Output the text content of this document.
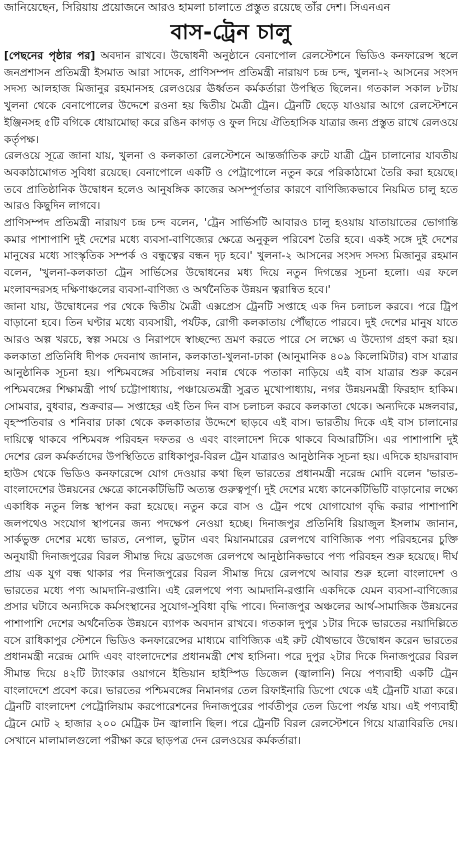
জানিয়েছেন, সিরিয়ায় প্রয়োজনে আরও হামলা চালাতে প্রস্তুত রয়েছে তাঁর দেশ। সিএনএন
বাস-ট্রেন চালু

[পেছনের পৃষ্ঠার পর] অবদান রাখবে। উদ্বোধনী অনুষ্ঠানে বেনাপোল রেলস্টেশনে ভিডিও কনফারেন্স স্থলে জনপ্রশাসন প্রতিমন্ত্রী ইসমাত আরা সাদেক, প্রাণিসম্পদ প্রতিমন্ত্রী নারায়ণ চন্দ্র চন্দ, খুলনা-২ আসনের সংসদ সদস্য আলহাজ মিজানুর রহমানসহ রেলওয়ের ঊর্ধ্বতন কর্মকর্তারা উপস্থিত ছিলেন। গতকাল সকাল ৮টায় খুলনা থেকে বেনাপোলের উদ্দেশে রওনা হয় দ্বিতীয় মৈত্রী ট্রেন। ট্রেনটি ছেড়ে যাওয়ার আগে রেলস্টেশনে ইঞ্জিনসহ ৫টি বগিকে ধোয়ামোছা করে রঙিন কাগড় ও ফুল দিয়ে ঐতিহাসিক যাত্রার জন্য প্রস্তুত রাখে রেলওয়ে কর্তৃপক্ষ।

রেলওয়ে সূত্রে জানা যায়, খুলনা ও কলকাতা রেলস্টেশনে আন্তর্জাতিক রুটে যাত্রী ট্রেন চালানোর যাবতীয় অবকাঠামোগত সুবিধা রয়েছে। বেনাপোলে একটি ও পেট্রাপোলে নতুন করে পরিকাঠামো তৈরি করা হয়েছে। তবে প্রাতিষ্ঠানিক উদ্বোধন হলেও আনুষঙ্গিক কাজের অসম্পূর্ণতার কারণে বাণিজ্যিকভাবে নিয়মিত চালু হতে আরও কিছুদিন লাগবে।

প্রাণিসম্পদ প্রতিমন্ত্রী নারায়ণ চন্দ্র চন্দ বলেন, 'ট্রেন সার্ভিসটি আবারও চালু হওয়ায় যাতায়াতের ভোগান্তি কমার পাশাপাশি দুই দেশের মধ্যে ব্যবসা-বাণিজ্যের ক্ষেত্রে অনুকূল পরিবেশ তৈরি হবে। একই সঙ্গে দুই দেশের মানুষের মধ্যে সাংস্কৃতিক সম্পর্ক ও বন্ধুত্বের বন্ধন দৃঢ় হবে।' খুলনা-২ আসনের সংসদ সদস্য মিজানুর রহমান বলেন, 'খুলনা-কলকাতা ট্রেন সার্ভিসের উদ্বোধনের মধ্য দিয়ে নতুন দিগন্তের সূচনা হলো। এর ফলে মংলাবন্দরসহ দক্ষিণাঞ্চলের ব্যবসা-বাণিজ্য ও অর্থনৈতিক উন্নয়ন ত্বরান্বিত হবে।'

জানা যায়, উদ্বোধনের পর থেকে দ্বিতীয় মৈত্রী এক্সপ্রেস ট্রেনটি সপ্তাহে এক দিন চলাচল করবে। পরে ট্রিপ বাড়ানো হবে। তিন ঘণ্টার মধ্যে ব্যবসায়ী, পর্যটক, রোগী কলকাতায় পৌঁছাতে পারবে। দুই দেশের মানুষ যাতে আরও অল্প খরচে, স্বল্প সময়ে ও নিরাপদে স্বাচ্ছন্দ্যে ভ্রমণ করতে পারে সে লক্ষ্যে এ উদ্যোগ গ্রহণ করা হয়। কলকাতা প্রতিনিধি দীপক দেবনাথ জানান, কলকাতা-খুলনা-ঢাকা (আনুমানিক ৪০৯ কিলোমিটার) বাস যাত্রার আনুষ্ঠানিক সূচনা হয়। পশ্চিমবঙ্গের সচিবালয় নবান্ন থেকে পতাকা নাড়িয়ে এই বাস যাত্রার শুরু করেন পশ্চিমবঙ্গের শিক্ষামন্ত্রী পার্থ চট্টোপাধ্যায়, পঞ্চায়েতমন্ত্রী সুব্রত মুখোপাধ্যায়, নগর উন্নয়নমন্ত্রী ফিরহাদ হাকিম। সোমবার, বুধবার, শুক্রবার— সপ্তাহের এই তিন দিন বাস চলাচল করবে কলকাতা থেকে। অন্যদিকে মঙ্গলবার, বৃহস্পতিবার ও শনিবার ঢাকা থেকে কলকাতার উদ্দেশে ছাড়বে এই বাস। ভারতীয় দিকে এই বাস চালানোর দায়িত্বে থাকবে পশ্চিমবঙ্গ পরিবহন দফতর ও এবং বাংলাদেশ দিকে থাকবে বিআরটিসি। এর পাশাপাশি দুই দেশের রেল কর্মকর্তাদের উপস্থিতিতে রাধিকাপুর-বিরল ট্রেন যাত্রারও আনুষ্ঠানিক সূচনা হয়। এদিকে হায়দরাবাদ হাউস থেকে ভিডিও কনফারেন্সে যোগ দেওয়ার কথা ছিল ভারতের প্রধানমন্ত্রী নরেন্দ্র মোদি বলেন 'ভারত-বাংলাদেশের উন্নয়নের ক্ষেত্রে কানেকটিভিটি অত্যন্ত গুরুত্বপূর্ণ। দুই দেশের মধ্যে কানেকটিভিটি বাড়ানোর লক্ষ্যে একাধিক নতুন লিঙ্ক স্থাপন করা হয়েছে। নতুন করে বাস ও ট্রেন পথে যোগাযোগ বৃদ্ধি করার পাশাপাশি জলপথেও সংযোগ স্থাপনের জন্য পদক্ষেপ নেওয়া হচ্ছে। দিনাজপুর প্রতিনিধি রিয়াজুল ইসলাম জানান, সার্কভুক্ত দেশের মধ্যে ভারত, নেপাল, ভুটান এবং মিয়ানমারের রেলপথে বাণিজ্যিক পণ্য পরিবহনের চুক্তি অনুযায়ী দিনাজপুরের বিরল সীমান্ত দিয়ে ব্রডগেজ রেলপথে আনুষ্ঠানিকভাবে পণ্য পরিবহন শুরু হয়েছে। দীর্ঘ প্রায় এক যুগ বন্ধ থাকার পর দিনাজপুরের বিরল সীমান্ত দিয়ে রেলপথে আবার শুরু হলো বাংলাদেশ ও ভারতের মধ্যে পণ্য আমদানি-রপ্তানি। এই রেলপথে পণ্য আমদানি-রপ্তানি একদিকে যেমন ব্যবসা-বাণিজ্যের প্রসার ঘটাবে অন্যদিকে কর্মসংস্থানের সুযোগ-সুবিধা বৃদ্ধি পাবে। দিনাজপুর অঞ্চলের আর্থ-সামাজিক উন্নয়নের পাশাপাশি দেশের অর্থনৈতিক উন্নয়নে ব্যাপক অবদান রাখবে। গতকাল দুপুর ১টার দিকে ভারতের নয়াদিল্লিতে বসে রাধিকাপুর স্টেশনে ভিডিও কনফারেন্সের মাধ্যমে বাণিজ্যিক এই রুট যৌথভাবে উদ্বোধন করেন ভারতের প্রধানমন্ত্রী নরেন্দ্র মোদি এবং বাংলাদেশের প্রধানমন্ত্রী শেখ হাসিনা। পরে দুপুর ২টার দিকে দিনাজপুরের বিরল সীমান্ত দিয়ে ৪২টি ট্যাংকার ওয়াগনে ইন্ডিয়ান হাইস্পিড ডিজেল (জ্বালানি) নিয়ে পণ্যবাহী একটি ট্রেন বাংলাদেশে প্রবেশ করে। ভারতের পশ্চিমবঙ্গের নিমানগর তেল রিফাইনারি ডিপো থেকে এই ট্রেনটি যাত্রা করে। ট্রেনটি বাংলাদেশ পেট্রোলিয়াম করপোরেশনের দিনাজপুরের পার্বতীপুর তেল ডিপো পর্যন্ত যায়। এই পণ্যবাহী ট্রেনে মোট ২ হাজার ২০০ মেট্রিক টন জ্বালানি ছিল। পরে ট্রেনটি বিরল রেলস্টেশনে গিয়ে যাত্রাবিরতি দেয়। সেখানে মালামালগুলো পরীক্ষা করে ছাড়পত্র দেন রেলওয়ের কর্মকর্তারা।
